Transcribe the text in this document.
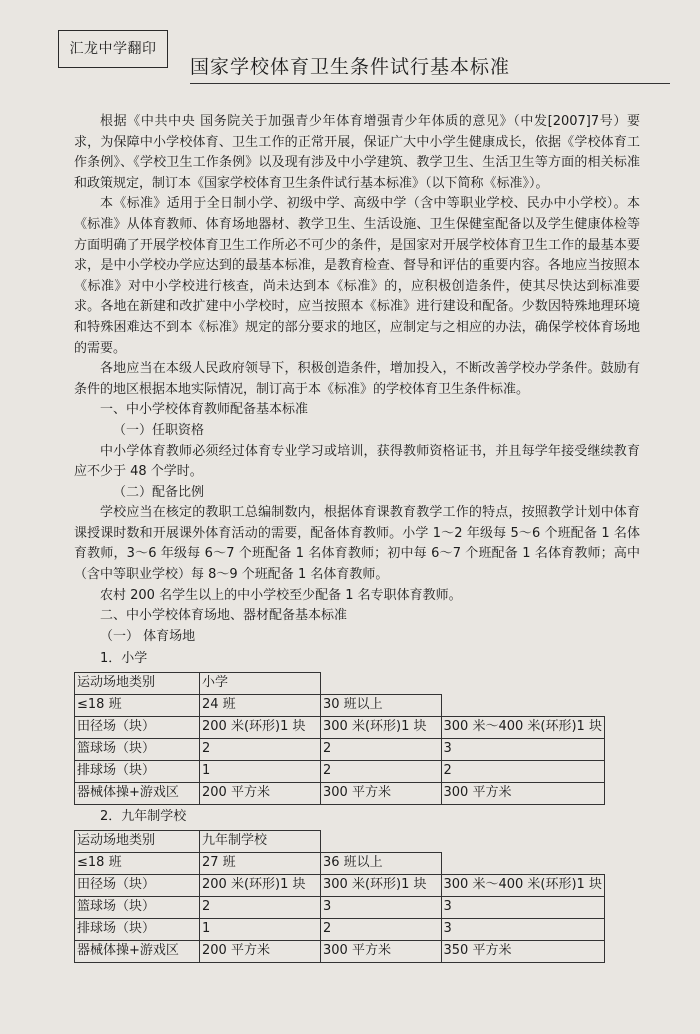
汇龙中学翻印
国家学校体育卫生条件试行基本标准

根据《中共中央 国务院关于加强青少年体育增强青少年体质的意见》（中发[2007]7号）要求，为保障中小学校体育、卫生工作的正常开展，保证广大中小学生健康成长，依据《学校体育工作条例》、《学校卫生工作条例》以及现有涉及中小学建筑、教学卫生、生活卫生等方面的相关标准和政策规定，制订本《国家学校体育卫生条件试行基本标准》（以下简称《标准》）。

本《标准》适用于全日制小学、初级中学、高级中学（含中等职业学校、民办中小学校）。本《标准》从体育教师、体育场地器材、教学卫生、生活设施、卫生保健室配备以及学生健康体检等方面明确了开展学校体育卫生工作所必不可少的条件，是国家对开展学校体育卫生工作的最基本要求，是中小学校办学应达到的最基本标准，是教育检查、督导和评估的重要内容。各地应当按照本《标准》对中小学校进行核查，尚未达到本《标准》的，应积极创造条件，使其尽快达到标准要求。各地在新建和改扩建中小学校时，应当按照本《标准》进行建设和配备。少数因特殊地理环境和特殊困难达不到本《标准》规定的部分要求的地区，应制定与之相应的办法，确保学校体育场地的需要。

各地应当在本级人民政府领导下，积极创造条件，增加投入，不断改善学校办学条件。鼓励有条件的地区根据本地实际情况，制订高于本《标准》的学校体育卫生条件标准。

一、中小学校体育教师配备基本标准

（一）任职资格

中小学体育教师必须经过体育专业学习或培训，获得教师资格证书，并且每学年接受继续教育应不少于 48 个学时。

（二）配备比例

学校应当在核定的教职工总编制数内，根据体育课教育教学工作的特点，按照教学计划中体育课授课时数和开展课外体育活动的需要，配备体育教师。小学 1～2 年级每 5～6 个班配备 1 名体育教师，3～6 年级每 6～7 个班配备 1 名体育教师；初中每 6～7 个班配备 1 名体育教师；高中（含中等职业学校）每 8～9 个班配备 1 名体育教师。

农村 200 名学生以上的中小学校至少配备 1 名专职体育教师。

二、中小学校体育场地、器材配备基本标准

（一） 体育场地

1．小学

运动场地类别	小学		
≤18 班	24 班	30 班以上	
田径场（块）	200 米(环形)1 块	300 米(环形)1 块	300 米～400 米(环形)1 块
篮球场（块）	2	2	3
排球场（块）	1	2	2
器械体操+游戏区	200 平方米	300 平方米	300 平方米

2．九年制学校

运动场地类别	九年制学校		
≤18 班	27 班	36 班以上	
田径场（块）	200 米(环形)1 块	300 米(环形)1 块	300 米～400 米(环形)1 块
篮球场（块）	2	3	3
排球场（块）	1	2	3
器械体操+游戏区	200 平方米	300 平方米	350 平方米
